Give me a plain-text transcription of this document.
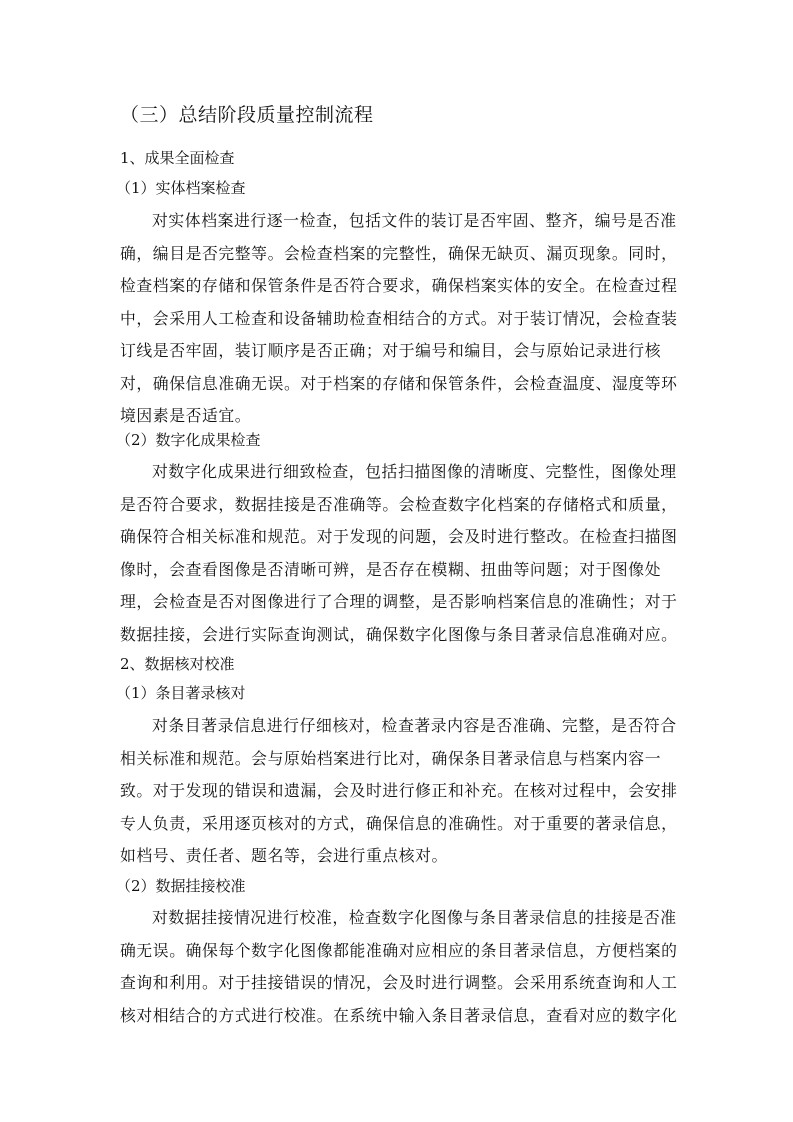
（三）总结阶段质量控制流程
1、成果全面检查
（1）实体档案检查
对实体档案进行逐一检查，包括文件的装订是否牢固、整齐，编号是否准
确，编目是否完整等。会检查档案的完整性，确保无缺页、漏页现象。同时，
检查档案的存储和保管条件是否符合要求，确保档案实体的安全。在检查过程
中，会采用人工检查和设备辅助检查相结合的方式。对于装订情况，会检查装
订线是否牢固，装订顺序是否正确；对于编号和编目，会与原始记录进行核
对，确保信息准确无误。对于档案的存储和保管条件，会检查温度、湿度等环
境因素是否适宜。
（2）数字化成果检查
对数字化成果进行细致检查，包括扫描图像的清晰度、完整性，图像处理
是否符合要求，数据挂接是否准确等。会检查数字化档案的存储格式和质量，
确保符合相关标准和规范。对于发现的问题，会及时进行整改。在检查扫描图
像时，会查看图像是否清晰可辨，是否存在模糊、扭曲等问题；对于图像处
理，会检查是否对图像进行了合理的调整，是否影响档案信息的准确性；对于
数据挂接，会进行实际查询测试，确保数字化图像与条目著录信息准确对应。
2、数据核对校准
（1）条目著录核对
对条目著录信息进行仔细核对，检查著录内容是否准确、完整，是否符合
相关标准和规范。会与原始档案进行比对，确保条目著录信息与档案内容一
致。对于发现的错误和遗漏，会及时进行修正和补充。在核对过程中，会安排
专人负责，采用逐页核对的方式，确保信息的准确性。对于重要的著录信息，
如档号、责任者、题名等，会进行重点核对。
（2）数据挂接校准
对数据挂接情况进行校准，检查数字化图像与条目著录信息的挂接是否准
确无误。确保每个数字化图像都能准确对应相应的条目著录信息，方便档案的
查询和利用。对于挂接错误的情况，会及时进行调整。会采用系统查询和人工
核对相结合的方式进行校准。在系统中输入条目著录信息，查看对应的数字化
